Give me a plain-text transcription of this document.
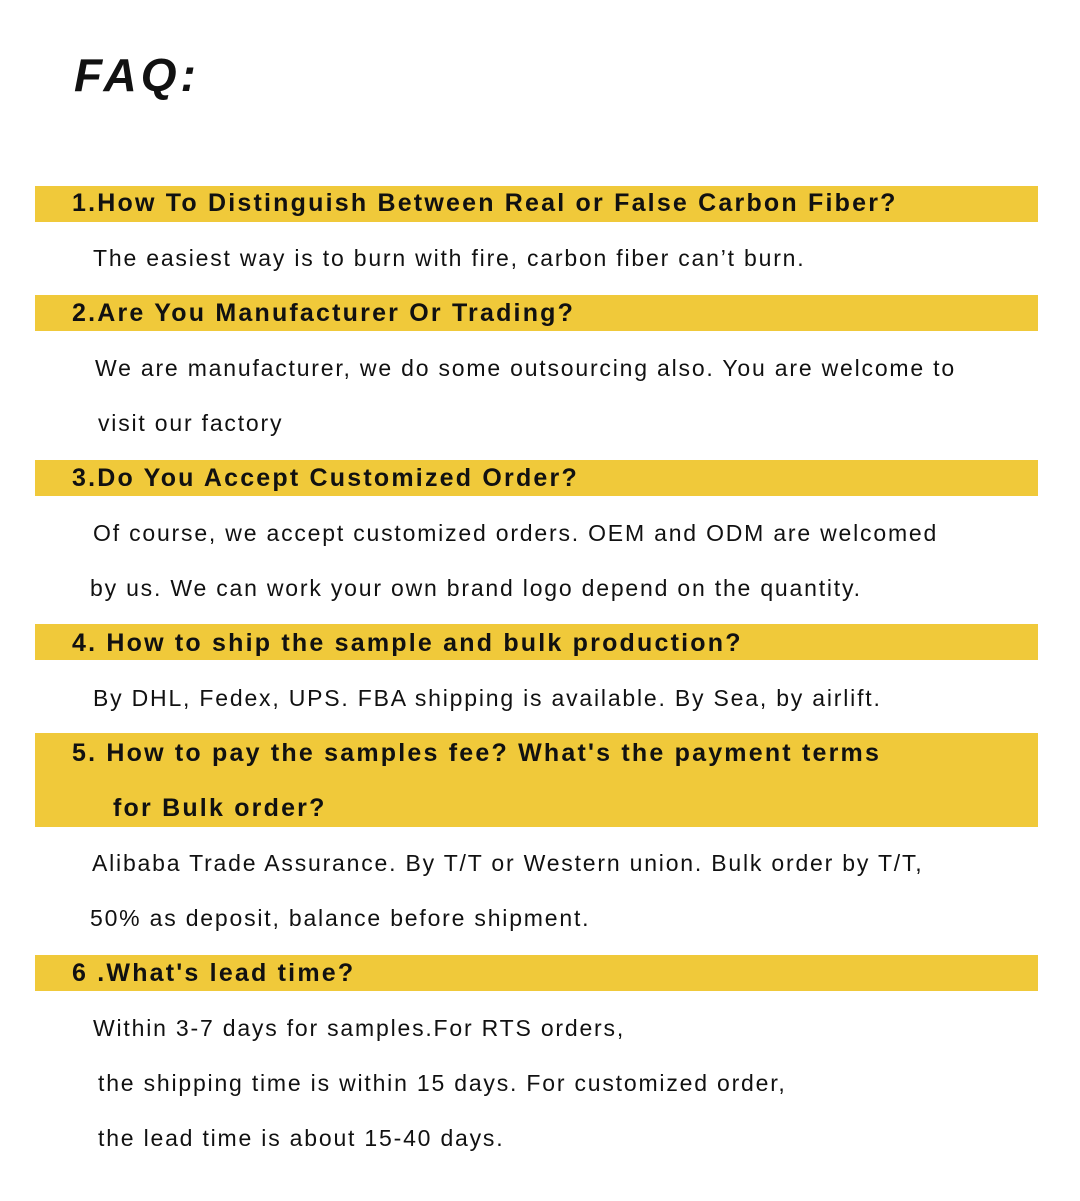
FAQ:
1.How To Distinguish Between Real or False Carbon Fiber?
The easiest way is to burn with fire, carbon fiber can’t burn.
2.Are You Manufacturer Or Trading?
We are manufacturer, we do some outsourcing also. You are welcome to
visit our factory
3.Do You Accept Customized Order?
Of course, we accept customized orders. OEM and ODM are welcomed
by us. We can work your own brand logo depend on the quantity.
4. How to ship the sample and bulk production?
By DHL, Fedex, UPS. FBA shipping is available. By Sea, by airlift.
5. How to pay the samples fee? What's the payment terms
for Bulk order?
Alibaba Trade Assurance. By T/T or Western union. Bulk order by T/T,
50% as deposit, balance before shipment.
6 .What's lead time?
Within 3-7 days for samples.For RTS orders,
the shipping time is within 15 days. For customized order,
the lead time is about 15-40 days.
